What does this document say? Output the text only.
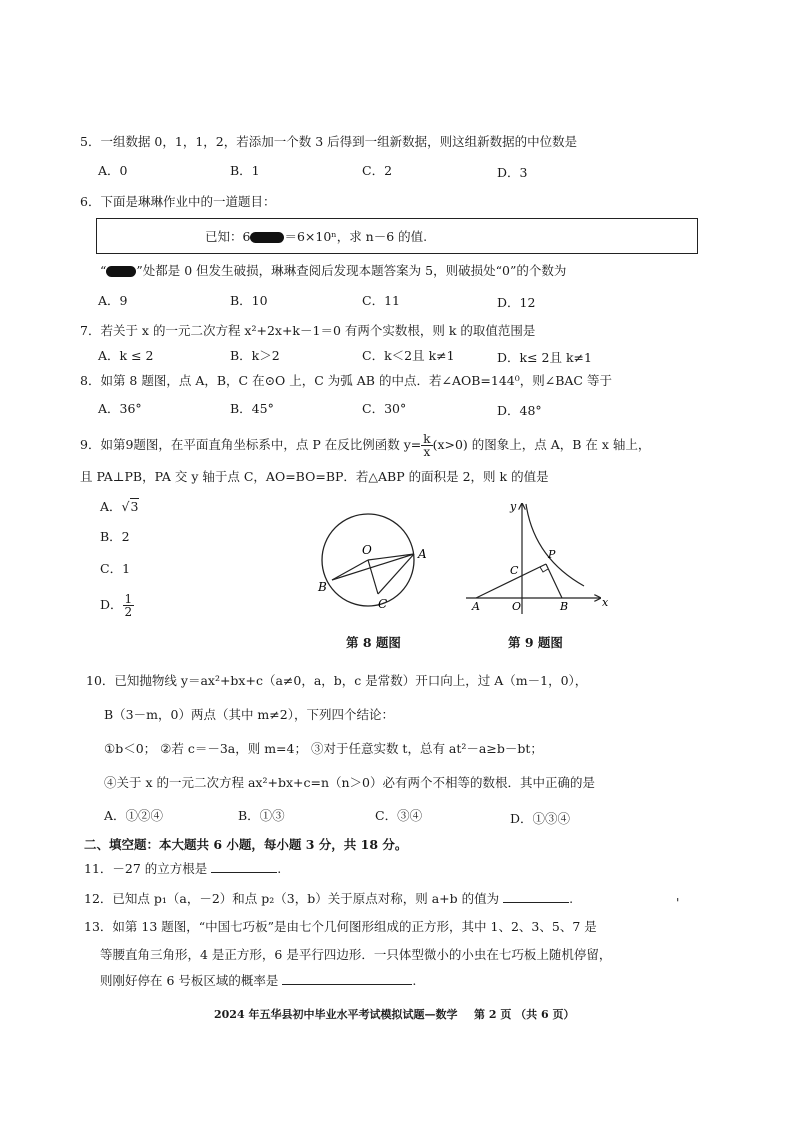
5．一组数据 0，1，1，2，若添加一个数 3 后得到一组新数据，则这组新数据的中位数是
A．0	B．1	C．2	D．3
6．下面是琳琳作业中的一道题目：
已知：6	＝6×10ⁿ，求 n－6 的值.
“ ”处都是 0 但发生破损，琳琳查阅后发现本题答案为 5，则破损处“0”的个数为
A．9	B．10	C．11	D．12
7．若关于 x 的一元二次方程 x²+2x+k－1＝0 有两个实数根，则 k 的取值范围是
A．k ≤ 2	B．k＞2	C．k＜2且 k≠1	D．k≤ 2且 k≠1
8．如第 8 题图，点 A，B，C 在⊙O 上，C 为弧 AB 的中点．若∠AOB=144⁰，则∠BAC 等于
A．36°	B．45°	C．30°	D．48°
9．如第9题图，在平面直角坐标系中，点 P 在反比例函数 $y= \frac{k}{x} (x>0)$ 的图象上，点 A，B 在 x 轴上，
且 PA⊥PB，PA 交 y 轴于点 C，AO=BO=BP．若△ABP 的面积是 2，则 k 的值是
A．√3
B．2
C．1
D． $\frac{1}{2}$
O	A
B
C
第 8 题图
y
x
P
C
A	O	B
第 9 题图
10．已知抛物线 y＝ax²+bx+c（a≠0，a，b，c 是常数）开口向上，过 A（m－1，0），
B（3－m，0）两点（其中 m≠2），下列四个结论：
①b＜0； ②若 c＝－3a，则 m=4； ③对于任意实数 t，总有 at²－a≥b－bt；
④关于 x 的一元二次方程 ax²+bx+c=n（n＞0）必有两个不相等的数根．其中正确的是
A．①②④	B．①③	C．③④	D．①③④
二、填空题：本大题共 6 小题，每小题 3 分，共 18 分。
11．－27 的立方根是	.
12．已知点 p₁（a，－2）和点 p₂（3，b）关于原点对称，则 a+b 的值为	.	'
13．如第 13 题图，“中国七巧板”是由七个几何图形组成的正方形，其中 1、2、3、5、7 是
等腰直角三角形，4 是正方形，6 是平行四边形．一只体型微小的小虫在七巧板上随机停留，
则刚好停在 6 号板区域的概率是	.
2024 年五华县初中毕业水平考试模拟试题—数学 第 2 页 （共 6 页）
